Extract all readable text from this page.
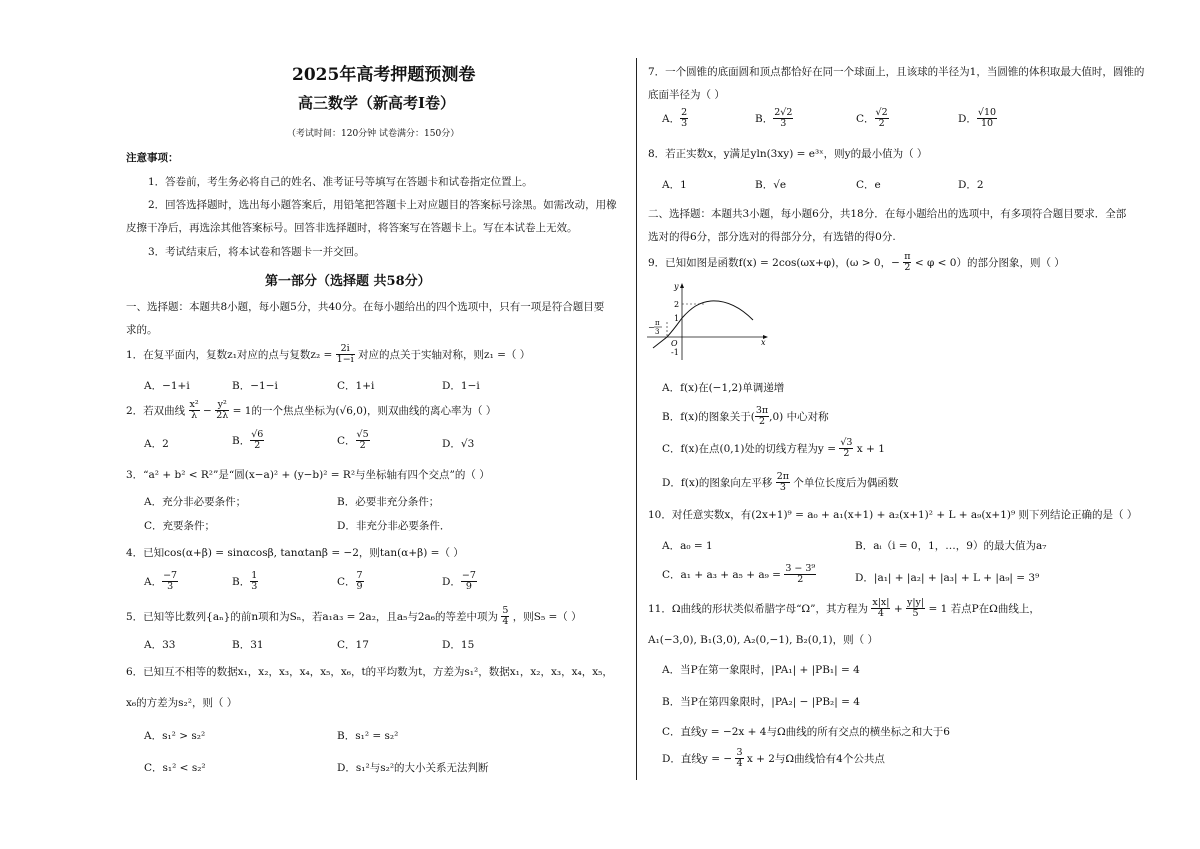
2025年高考押题预测卷
高三数学（新高考Ⅰ卷）
（考试时间：120分钟 试卷满分：150分）
注意事项：
1．答卷前，考生务必将自己的姓名、准考证号等填写在答题卡和试卷指定位置上。
2．回答选择题时，选出每小题答案后，用铅笔把答题卡上对应题目的答案标号涂黑。如需改动，用橡
皮擦干净后，再选涂其他答案标号。回答非选择题时，将答案写在答题卡上。写在本试卷上无效。
3．考试结束后，将本试卷和答题卡一并交回。
第一部分（选择题 共58分）
一、选择题：本题共8小题，每小题5分，共40分。在每小题给出的四个选项中，只有一项是符合题目要
求的。
1．在复平面内，复数z₁对应的点与复数$z_2 = \frac{2i}{1-i}$ 对应的点关于实轴对称，则z₁ =（ ）
A．−1+i	B．−1−i	C．1+i	D．1−i
2．若双曲线 $\frac{\text{x²}}{\lambda} - \frac{\text{y²}}{2\lambda} = 1$的一个焦点坐标为(√6,0)，则双曲线的离心率为（ ）
A．2	B． $\frac{√6}{2}$	C． $\frac{√5}{2}$	D．√3
3．“a² + b² < R²”是“圆(x−a)² + (y−b)² = R²与坐标轴有四个交点”的（ ）
A．充分非必要条件；	B．必要非充分条件；
C．充要条件；	D．非充分非必要条件．
4．已知cos(α+β) = sinαcosβ, tanαtanβ = −2，则tan(α+β) =（ ）
A． $\frac{-7}{3}$	B． $\frac{1}{3}$	C． $\frac{7}{9}$	D． $\frac{-7}{9}$
5．已知等比数列{aₙ}的前n项和为Sₙ，若a₁a₃ = 2a₂，且a₅与2a₆的等差中项为 $\frac{5}{4}$ ，则S₅ =（ ）
A．33	B．31	C．17	D．15
6．已知互不相等的数据x₁，x₂，x₃，x₄，x₅，x₆，t的平均数为t，方差为s₁²，数据x₁，x₂，x₃，x₄，x₅，
x₆的方差为s₂²，则（ ）
A．s₁² > s₂²	B．s₁² = s₂²
C．s₁² < s₂²	D．s₁²与s₂²的大小关系无法判断
7．一个圆锥的底面圆和顶点都恰好在同一个球面上，且该球的半径为1，当圆锥的体积取最大值时，圆锥的
底面半径为（ ）
A． $\frac{2}{3}$	B． $\frac{2√2}{3}$	C． $\frac{√2}{2}$	D． $\frac{√10}{10}$
8．若正实数x，y满足yln(3xy) = e³ˣ，则y的最小值为（ ）
A．1	B．√e	C．e	D．2
二、选择题：本题共3小题，每小题6分，共18分．在每小题给出的选项中，有多项符合题目要求．全部
选对的得6分，部分选对的得部分分，有选错的得0分.
9．已知如图是函数f(x) = 2cos(ωx+φ)，(ω > 0，− $\frac{\pi}{2} < \varphi < 0$）的部分图象，则（ ）
y
x
O
2
1
-1
− π
3
A．f(x)在(−1,2)单调递增
B．f(x)的图象关于( $\frac{3\pi}{2} ,0$) 中心对称
C．f(x)在点(0,1)处的切线方程为$y = \frac{√3}{2}$ x + 1
D．f(x)的图象向左平移 $\frac{2\pi}{3}$ 个单位长度后为偶函数
10．对任意实数x，有(2x+1)⁹ = a₀ + a₁(x+1) + a₂(x+1)² + L + a₉(x+1)⁹ 则下列结论正确的是（ ）
A．a₀ = 1	B．aᵢ（i = 0，1，…，9）的最大值为a₇
C．$a_1 + a_3 + a_5 + a_9 = \frac{\text{3 − 3⁹}}{2}$	D．|a₁| + |a₂| + |a₃| + L + |a₉| = 3⁹
11．Ω曲线的形状类似希腊字母“Ω”，其方程为 $\frac{x|x|}{4} + \frac{y|y|}{5} = 1$ 若点P在Ω曲线上，
A₁(−3,0), B₁(3,0), A₂(0,−1), B₂(0,1)，则（ ）
A．当P在第一象限时，|PA₁| + |PB₁| = 4
B．当P在第四象限时，|PA₂| − |PB₂| = 4
C．直线y = −2x + 4与Ω曲线的所有交点的横坐标之和大于6
D．直线y = − $\frac{3}{4}$ x + 2与Ω曲线恰有4个公共点
